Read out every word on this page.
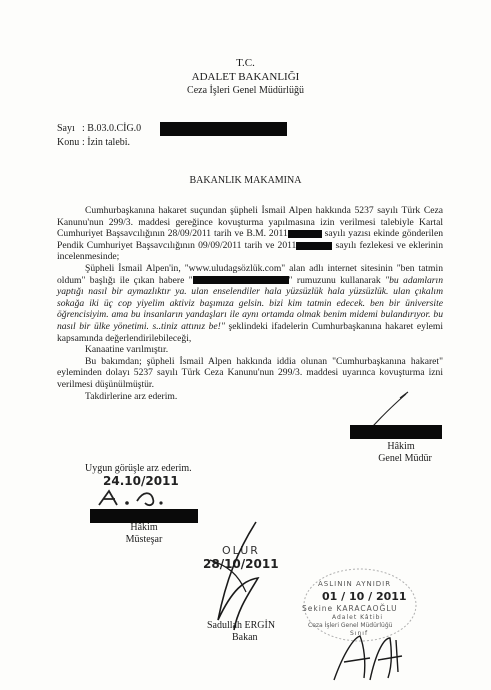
T.C.
ADALET BAKANLIĞI
Ceza İşleri Genel Müdürlüğü
Sayı : B.03.0.CİG.0
Konu : İzin talebi.
BAKANLIK MAKAMINA

Cumhurbaşkanına hakaret suçundan şüpheli İsmail Alpen hakkında 5237 sayılı Türk Ceza Kanunu'nun 299/3. maddesi gereğince kovuşturma yapılmasına izin verilmesi talebiyle Kartal Cumhuriyet Başsavcılığının 28/09/2011 tarih ve B.M. 2011	sayılı yazısı ekinde gönderilen Pendik Cumhuriyet Başsavcılığının 09/09/2011 tarih ve 2011	sayılı fezlekesi ve eklerinin incelenmesinde;

Şüpheli İsmail Alpen'in, "www.uludagsözlük.com" alan adlı internet sitesinin "ben tatmin oldum" başlığı ile çıkan habere "	" rumuzunu kullanarak "bu adamların yaptığı nasıl bir aymazlıktır ya. ulan enselendiler hala yüzsüzlük hala yüzsüzlük. ulan çıkalım sokağa iki üç cop yiyelim aktiviz başımıza gelsin. bizi kim tatmin edecek. ben bir üniversite öğrencisiyim. ama bu insanların yandaşları ile aynı ortamda olmak benim midemi bulandırıyor. bu nasıl bir ülke yönetimi. s..tiniz attınız be!" şeklindeki ifadelerin Cumhurbaşkanına hakaret eylemi kapsamında değerlendirilebileceği,

Kanaatine varılmıştır.

Bu bakımdan; şüpheli İsmail Alpen hakkında iddia olunan "Cumhurbaşkanına hakaret" eyleminden dolayı 5237 sayılı Türk Ceza Kanunu'nun 299/3. maddesi uyarınca kovuşturma izni verilmesi düşünülmüştür.

Takdirlerine arz ederim.

Hâkim
Genel Müdür
Uygun görüşle arz ederim.
24.10/2011
Hâkim
Müsteşar
OLUR
28/10/2011
Sadullah ERGİN
Bakan
ASLININ AYNIDIR
01 / 10 / 2011
Sekine KARACAOĞLU
Adalet Kâtibi
Ceza İşleri Genel Müdürlüğü
Sınıf
